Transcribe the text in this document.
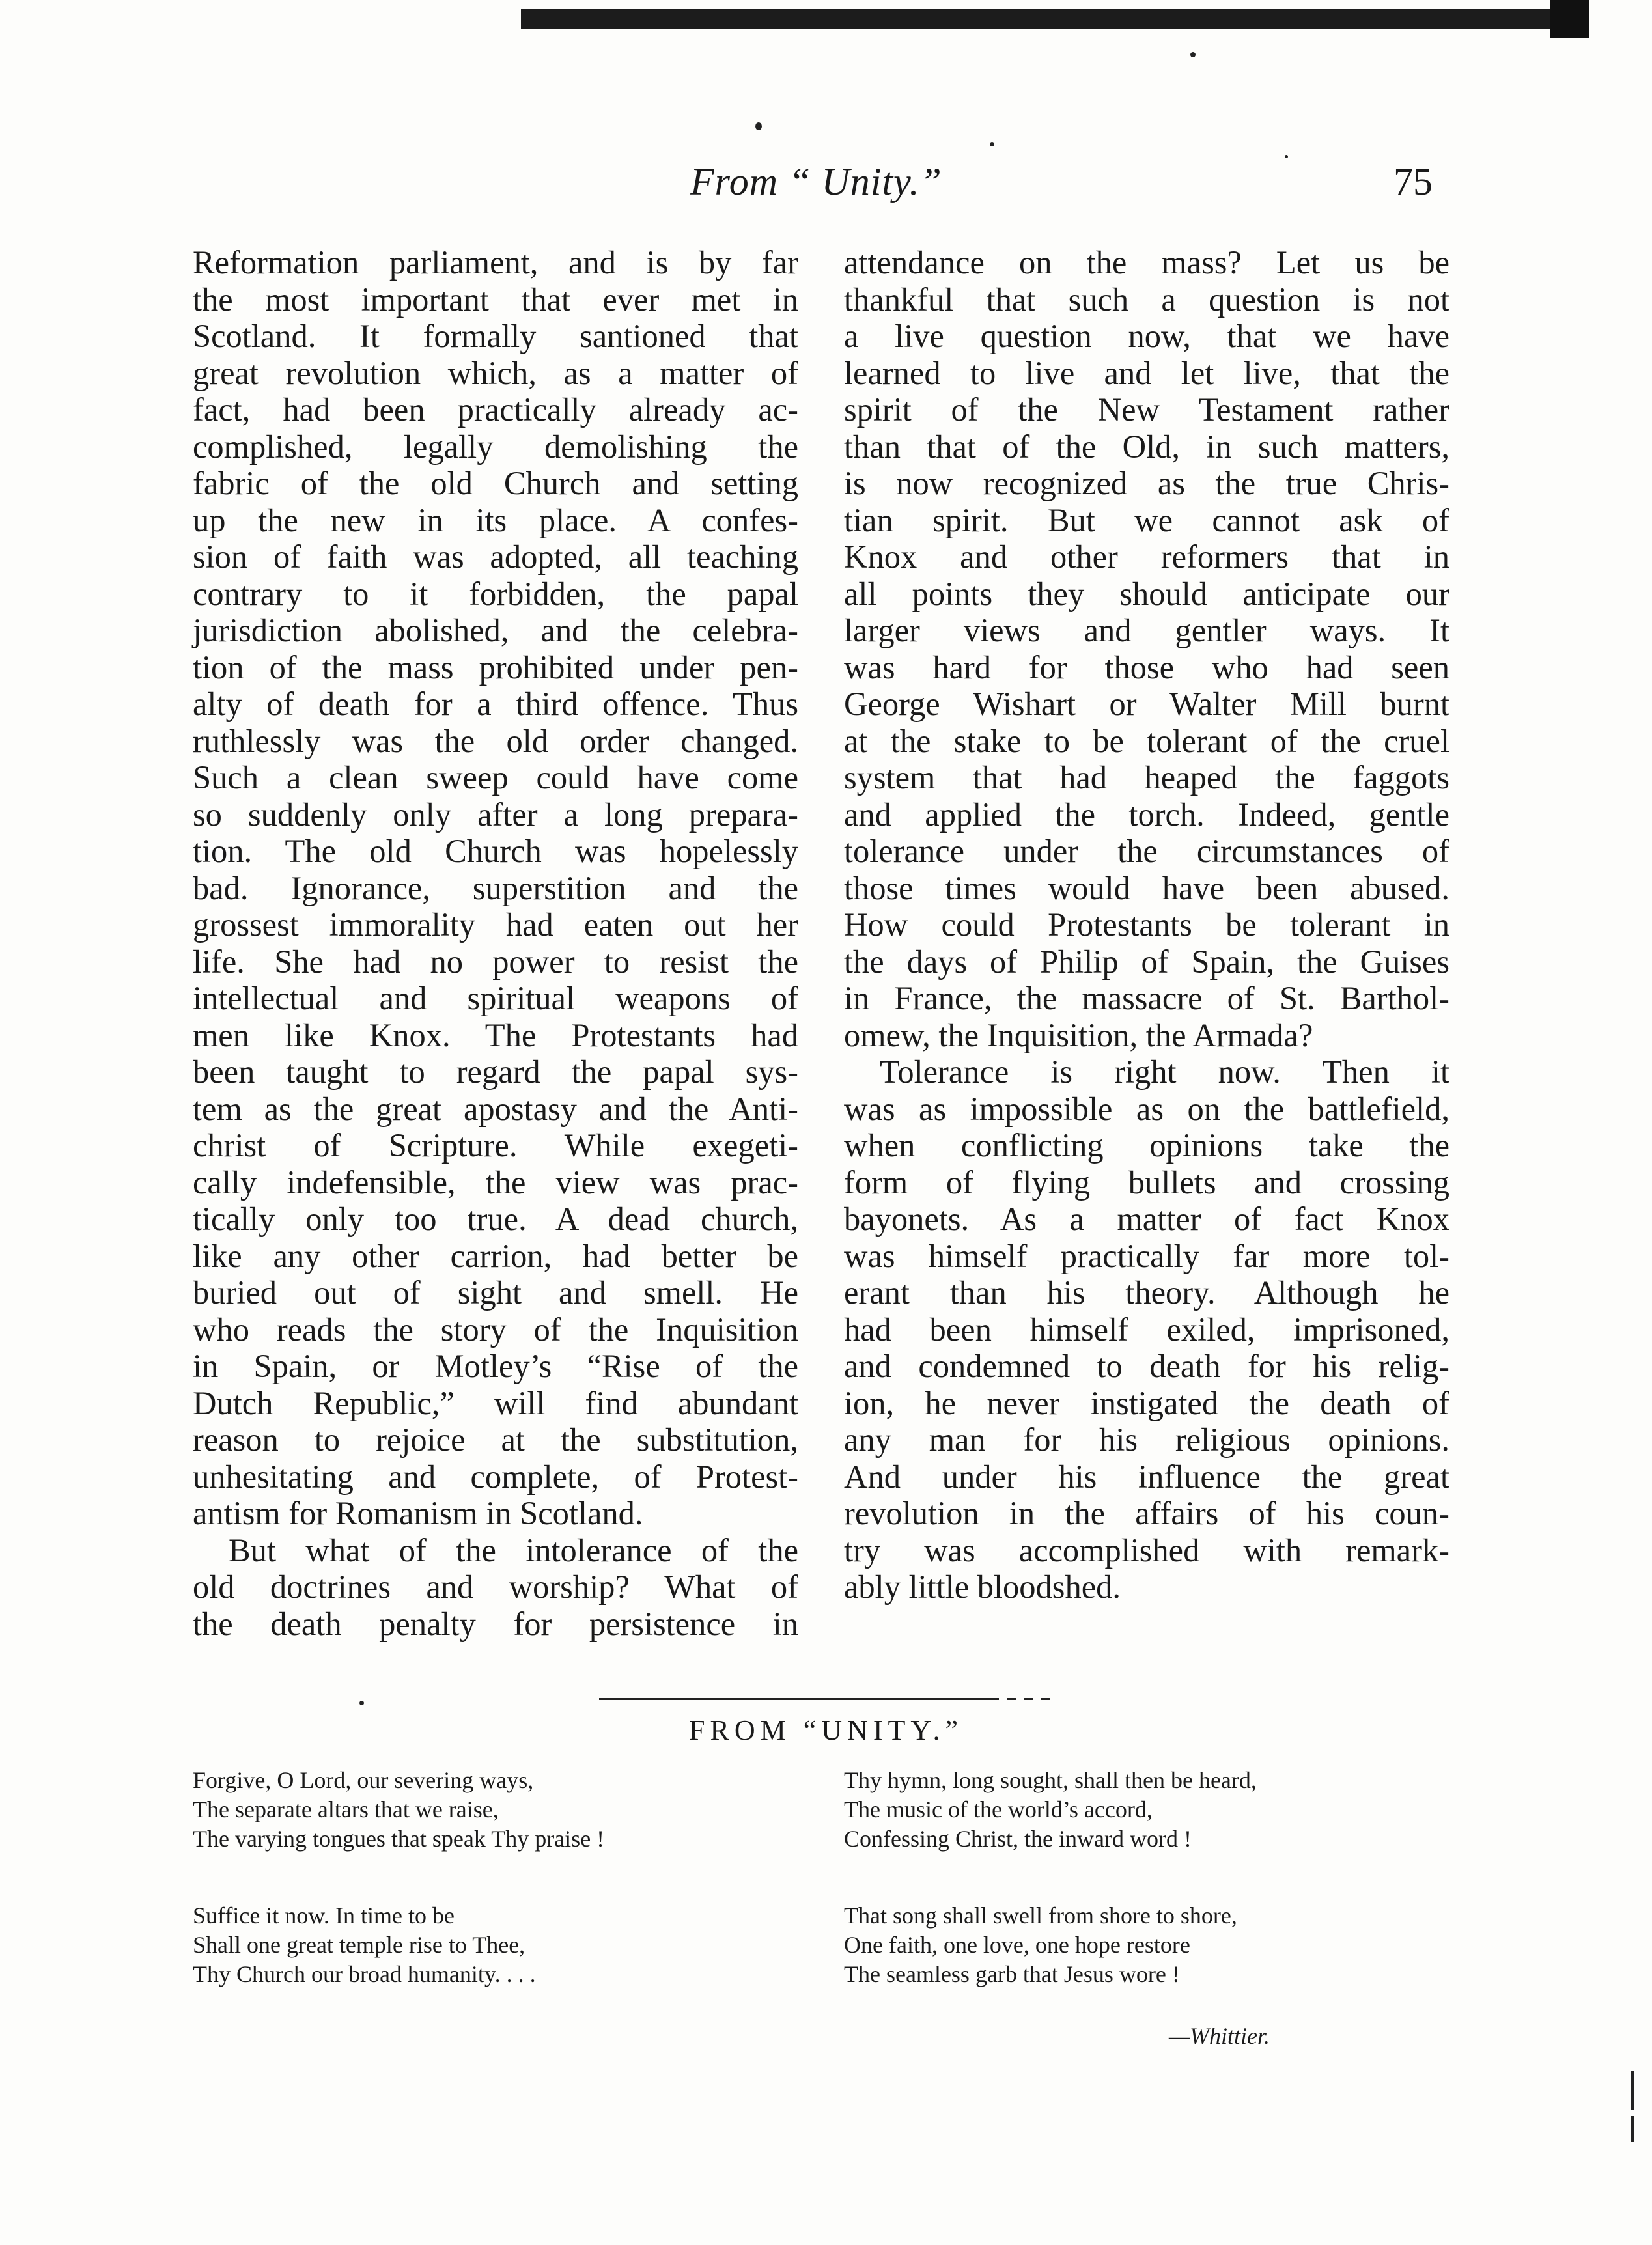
From “ Unity.”	75
Reformation parliament, and is by far
the most important that ever met in
Scotland. It formally santioned that
great revolution which, as a matter of
fact, had been practically already ac-
complished, legally demolishing the
fabric of the old Church and setting
up the new in its place. A confes-
sion of faith was adopted, all teaching
contrary to it forbidden, the papal
jurisdiction abolished, and the celebra-
tion of the mass prohibited under pen-
alty of death for a third offence. Thus
ruthlessly was the old order changed.
Such a clean sweep could have come
so suddenly only after a long prepara-
tion. The old Church was hopelessly
bad. Ignorance, superstition and the
grossest immorality had eaten out her
life. She had no power to resist the
intellectual and spiritual weapons of
men like Knox. The Protestants had
been taught to regard the papal sys-
tem as the great apostasy and the Anti-
christ of Scripture. While exegeti-
cally indefensible, the view was prac-
tically only too true. A dead church,
like any other carrion, had better be
buried out of sight and smell. He
who reads the story of the Inquisition
in Spain, or Motley’s “Rise of the
Dutch Republic,” will find abundant
reason to rejoice at the substitution,
unhesitating and complete, of Protest-
antism for Romanism in Scotland.
But what of the intolerance of the
old doctrines and worship? What of
the death penalty for persistence in
attendance on the mass? Let us be
thankful that such a question is not
a live question now, that we have
learned to live and let live, that the
spirit of the New Testament rather
than that of the Old, in such matters,
is now recognized as the true Chris-
tian spirit. But we cannot ask of
Knox and other reformers that in
all points they should anticipate our
larger views and gentler ways. It
was hard for those who had seen
George Wishart or Walter Mill burnt
at the stake to be tolerant of the cruel
system that had heaped the faggots
and applied the torch. Indeed, gentle
tolerance under the circumstances of
those times would have been abused.
How could Protestants be tolerant in
the days of Philip of Spain, the Guises
in France, the massacre of St. Barthol-
omew, the Inquisition, the Armada?
Tolerance is right now. Then it
was as impossible as on the battlefield,
when conflicting opinions take the
form of flying bullets and crossing
bayonets. As a matter of fact Knox
was himself practically far more tol-
erant than his theory. Although he
had been himself exiled, imprisoned,
and condemned to death for his relig-
ion, he never instigated the death of
any man for his religious opinions.
And under his influence the great
revolution in the affairs of his coun-
try was accomplished with remark-
ably little bloodshed.
FROM “UNITY.”
Forgive, O Lord, our severing ways,
The separate altars that we raise,
The varying tongues that speak Thy praise !
Thy hymn, long sought, shall then be heard,
The music of the world’s accord,
Confessing Christ, the inward word !
Suffice it now. In time to be
Shall one great temple rise to Thee,
Thy Church our broad humanity. . . .
That song shall swell from shore to shore,
One faith, one love, one hope restore
The seamless garb that Jesus wore !
—Whittier.
